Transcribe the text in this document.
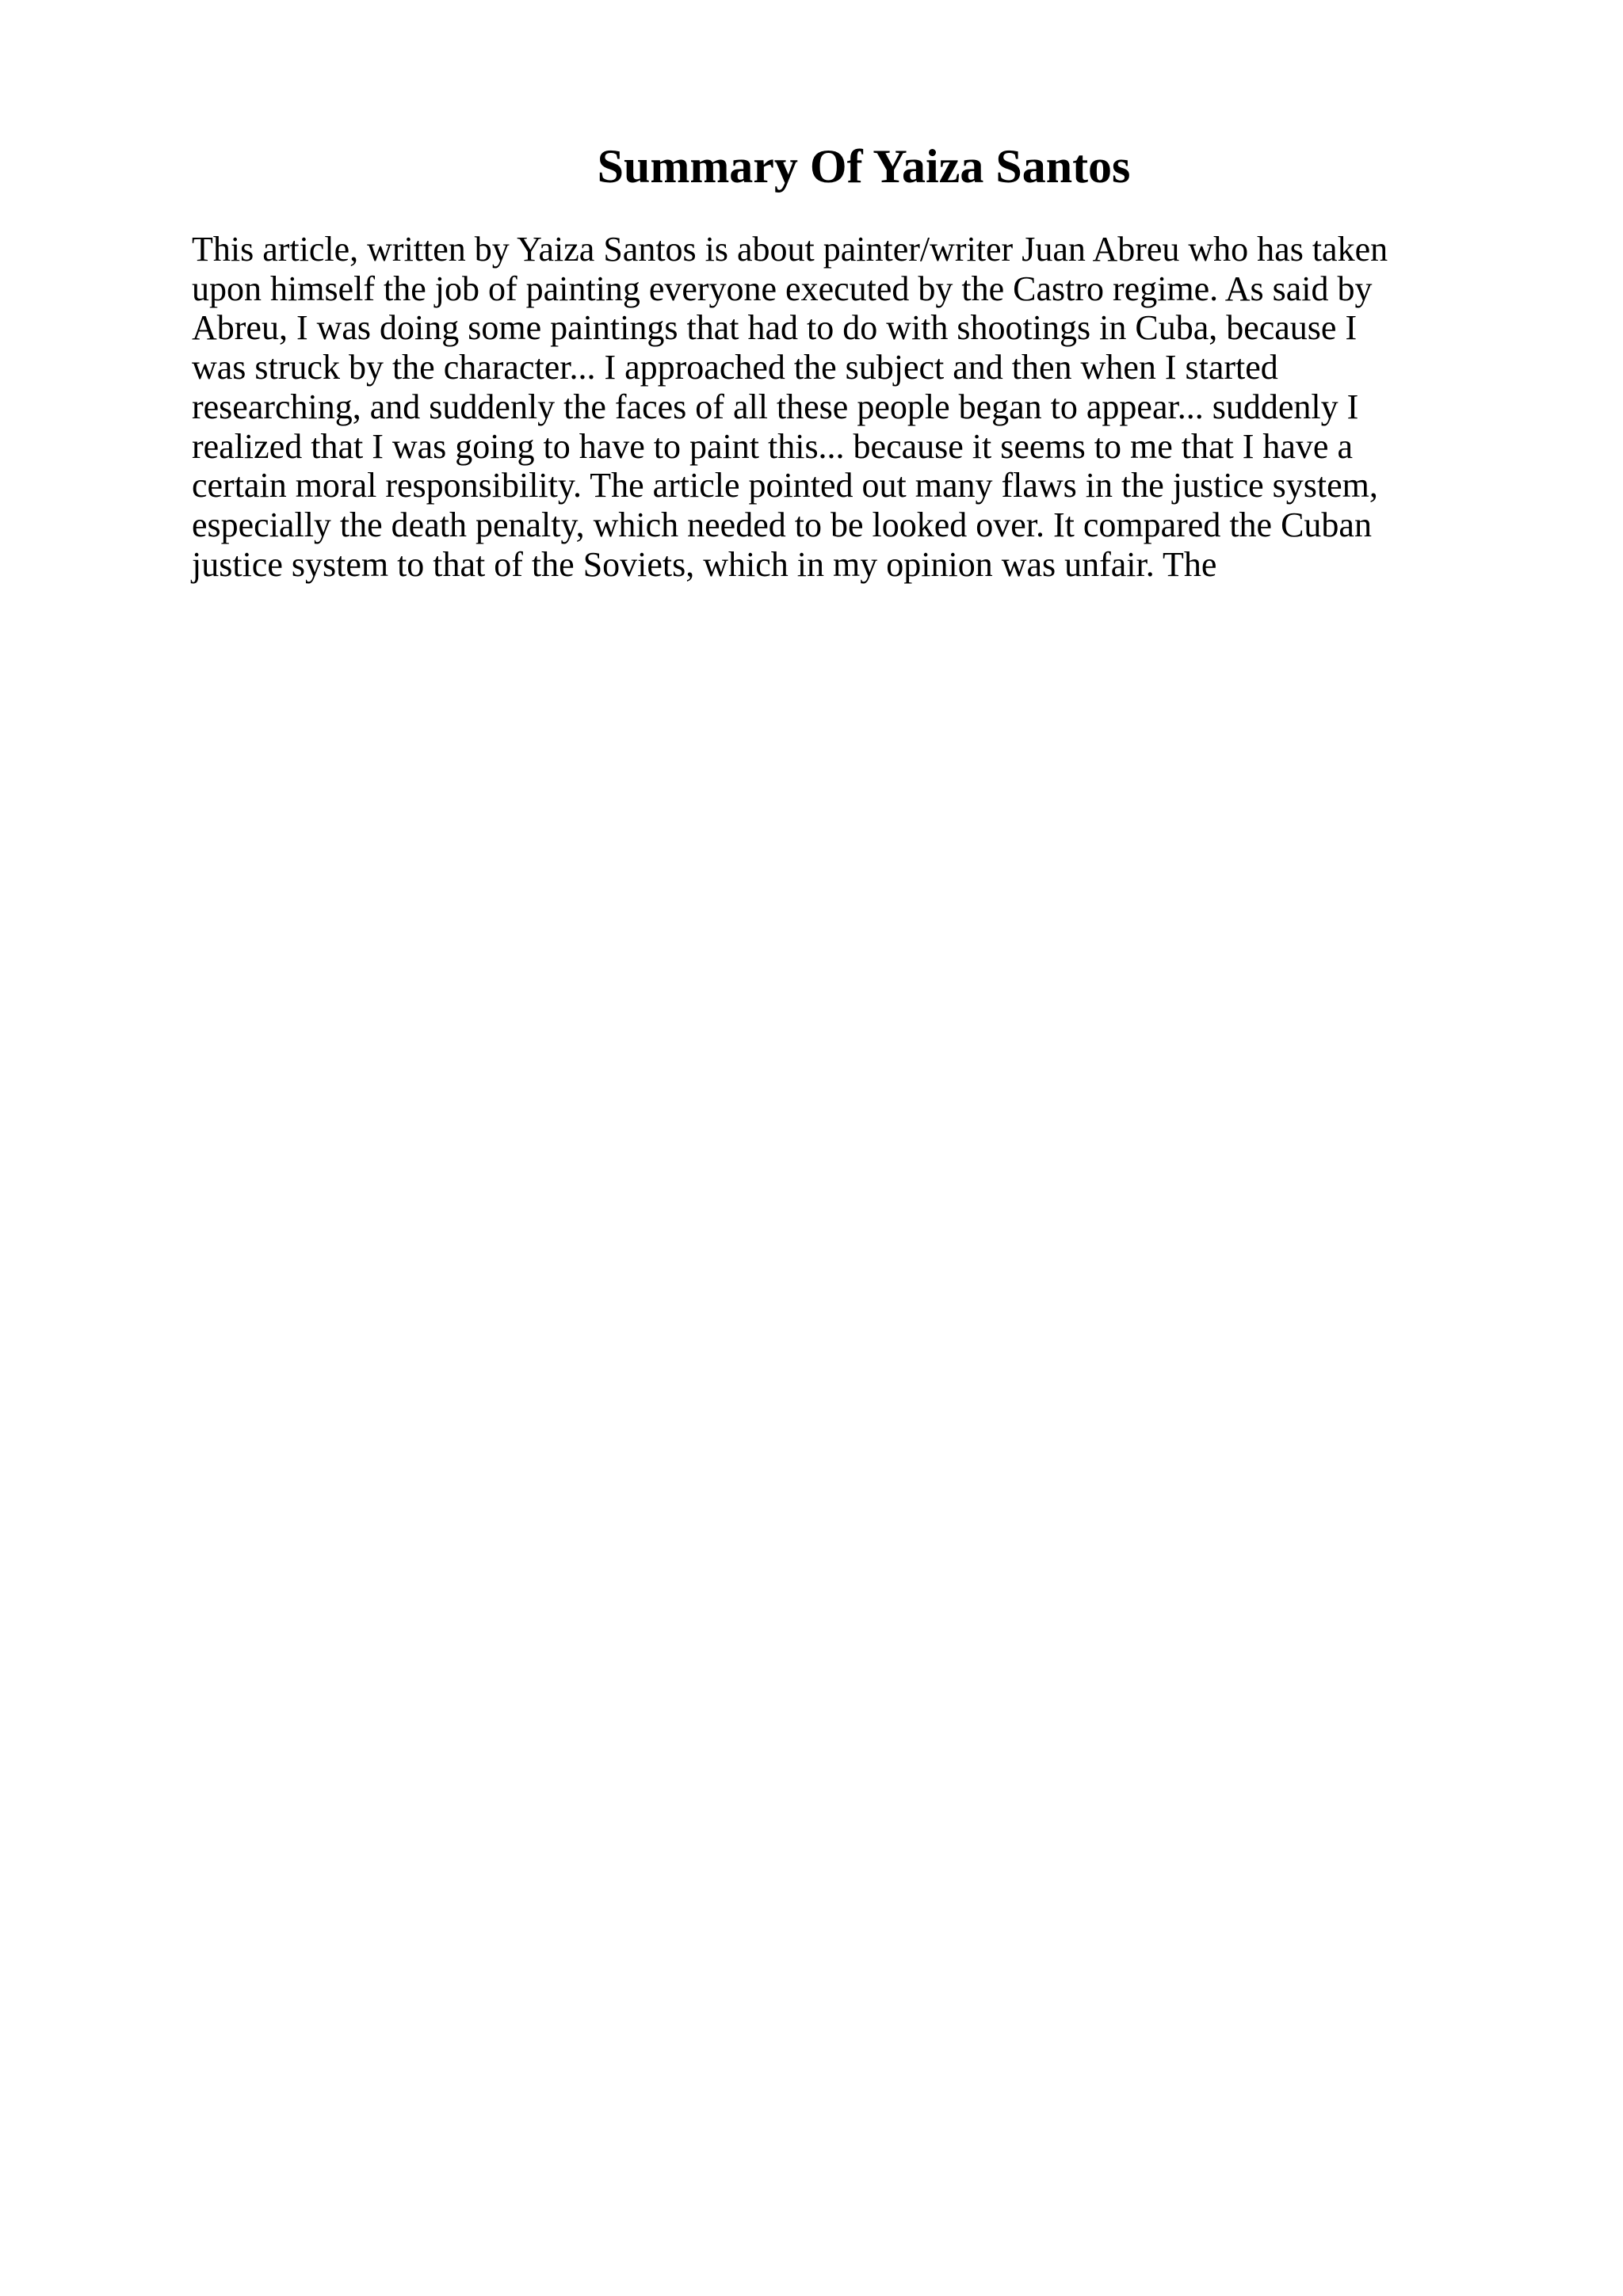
Summary Of Yaiza Santos
This article, written by Yaiza Santos is about painter/writer Juan Abreu who has taken
upon himself the job of painting everyone executed by the Castro regime. As said by
Abreu, I was doing some paintings that had to do with shootings in Cuba, because I
was struck by the character... I approached the subject and then when I started
researching, and suddenly the faces of all these people began to appear... suddenly I
realized that I was going to have to paint this... because it seems to me that I have a
certain moral responsibility. The article pointed out many flaws in the justice system,
especially the death penalty, which needed to be looked over. It compared the Cuban
justice system to that of the Soviets, which in my opinion was unfair. The
